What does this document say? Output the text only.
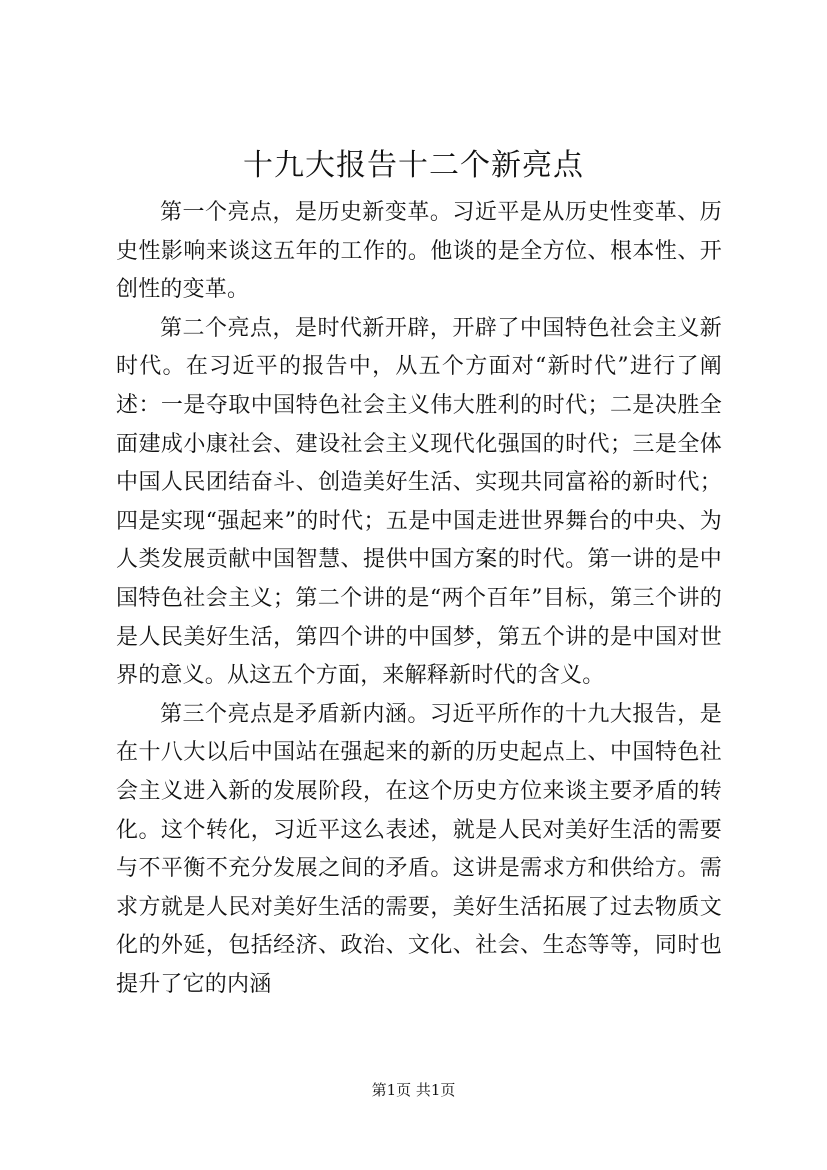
十九大报告十二个新亮点

第一个亮点，是历史新变革。习近平是从历史性变革、历史性影响来谈这五年的工作的。他谈的是全方位、根本性、开创性的变革。

第二个亮点，是时代新开辟，开辟了中国特色社会主义新时代。在习近平的报告中，从五个方面对“新时代”进行了阐述：一是夺取中国特色社会主义伟大胜利的时代；二是决胜全面建成小康社会、建设社会主义现代化强国的时代；三是全体中国人民团结奋斗、创造美好生活、实现共同富裕的新时代；四是实现“强起来”的时代；五是中国走进世界舞台的中央、为人类发展贡献中国智慧、提供中国方案的时代。第一讲的是中国特色社会主义；第二个讲的是“两个百年”目标，第三个讲的是人民美好生活，第四个讲的中国梦，第五个讲的是中国对世界的意义。从这五个方面，来解释新时代的含义。

第三个亮点是矛盾新内涵。习近平所作的十九大报告，是在十八大以后中国站在强起来的新的历史起点上、中国特色社会主义进入新的发展阶段，在这个历史方位来谈主要矛盾的转化。这个转化，习近平这么表述，就是人民对美好生活的需要与不平衡不充分发展之间的矛盾。这讲是需求方和供给方。需求方就是人民对美好生活的需要，美好生活拓展了过去物质文化的外延，包括经济、政治、文化、社会、生态等等，同时也提升了它的内涵

第1页 共1页
